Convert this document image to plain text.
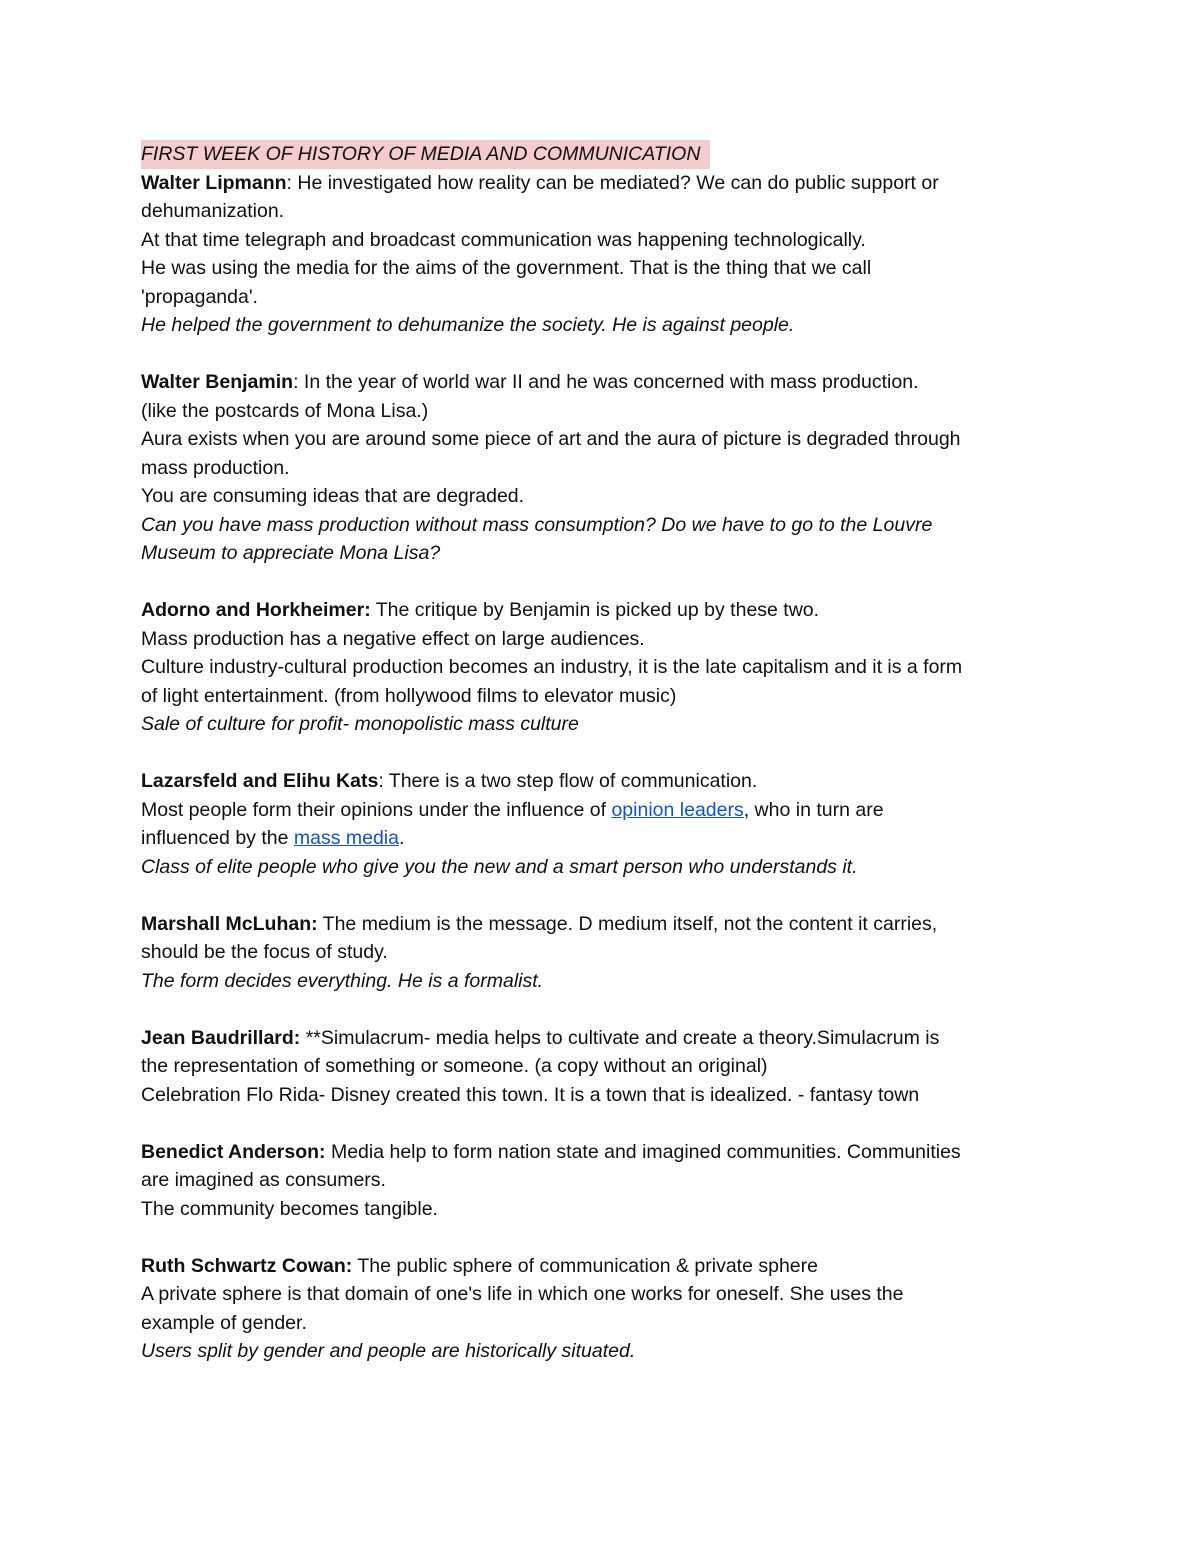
FIRST WEEK OF HISTORY OF MEDIA AND COMMUNICATION
Walter Lipmann: He investigated how reality can be mediated? We can do public support or
dehumanization.
At that time telegraph and broadcast communication was happening technologically.
He was using the media for the aims of the government. That is the thing that we call
'propaganda'.
He helped the government to dehumanize the society. He is against people.
Walter Benjamin: In the year of world war II and he was concerned with mass production.
(like the postcards of Mona Lisa.)
Aura exists when you are around some piece of art and the aura of picture is degraded through
mass production.
You are consuming ideas that are degraded.
Can you have mass production without mass consumption? Do we have to go to the Louvre
Museum to appreciate Mona Lisa?
Adorno and Horkheimer: The critique by Benjamin is picked up by these two.
Mass production has a negative effect on large audiences.
Culture industry-cultural production becomes an industry, it is the late capitalism and it is a form
of light entertainment. (from hollywood films to elevator music)
Sale of culture for profit- monopolistic mass culture
Lazarsfeld and Elihu Kats: There is a two step flow of communication.
Most people form their opinions under the influence of opinion leaders, who in turn are
influenced by the mass media.
Class of elite people who give you the new and a smart person who understands it.
Marshall McLuhan: The medium is the message. D medium itself, not the content it carries,
should be the focus of study.
The form decides everything. He is a formalist.
Jean Baudrillard: **Simulacrum- media helps to cultivate and create a theory.Simulacrum is
the representation of something or someone. (a copy without an original)
Celebration Flo Rida- Disney created this town. It is a town that is idealized. - fantasy town
Benedict Anderson: Media help to form nation state and imagined communities. Communities
are imagined as consumers.
The community becomes tangible.
Ruth Schwartz Cowan: The public sphere of communication & private sphere
A private sphere is that domain of one's life in which one works for oneself. She uses the
example of gender.
Users split by gender and people are historically situated.
